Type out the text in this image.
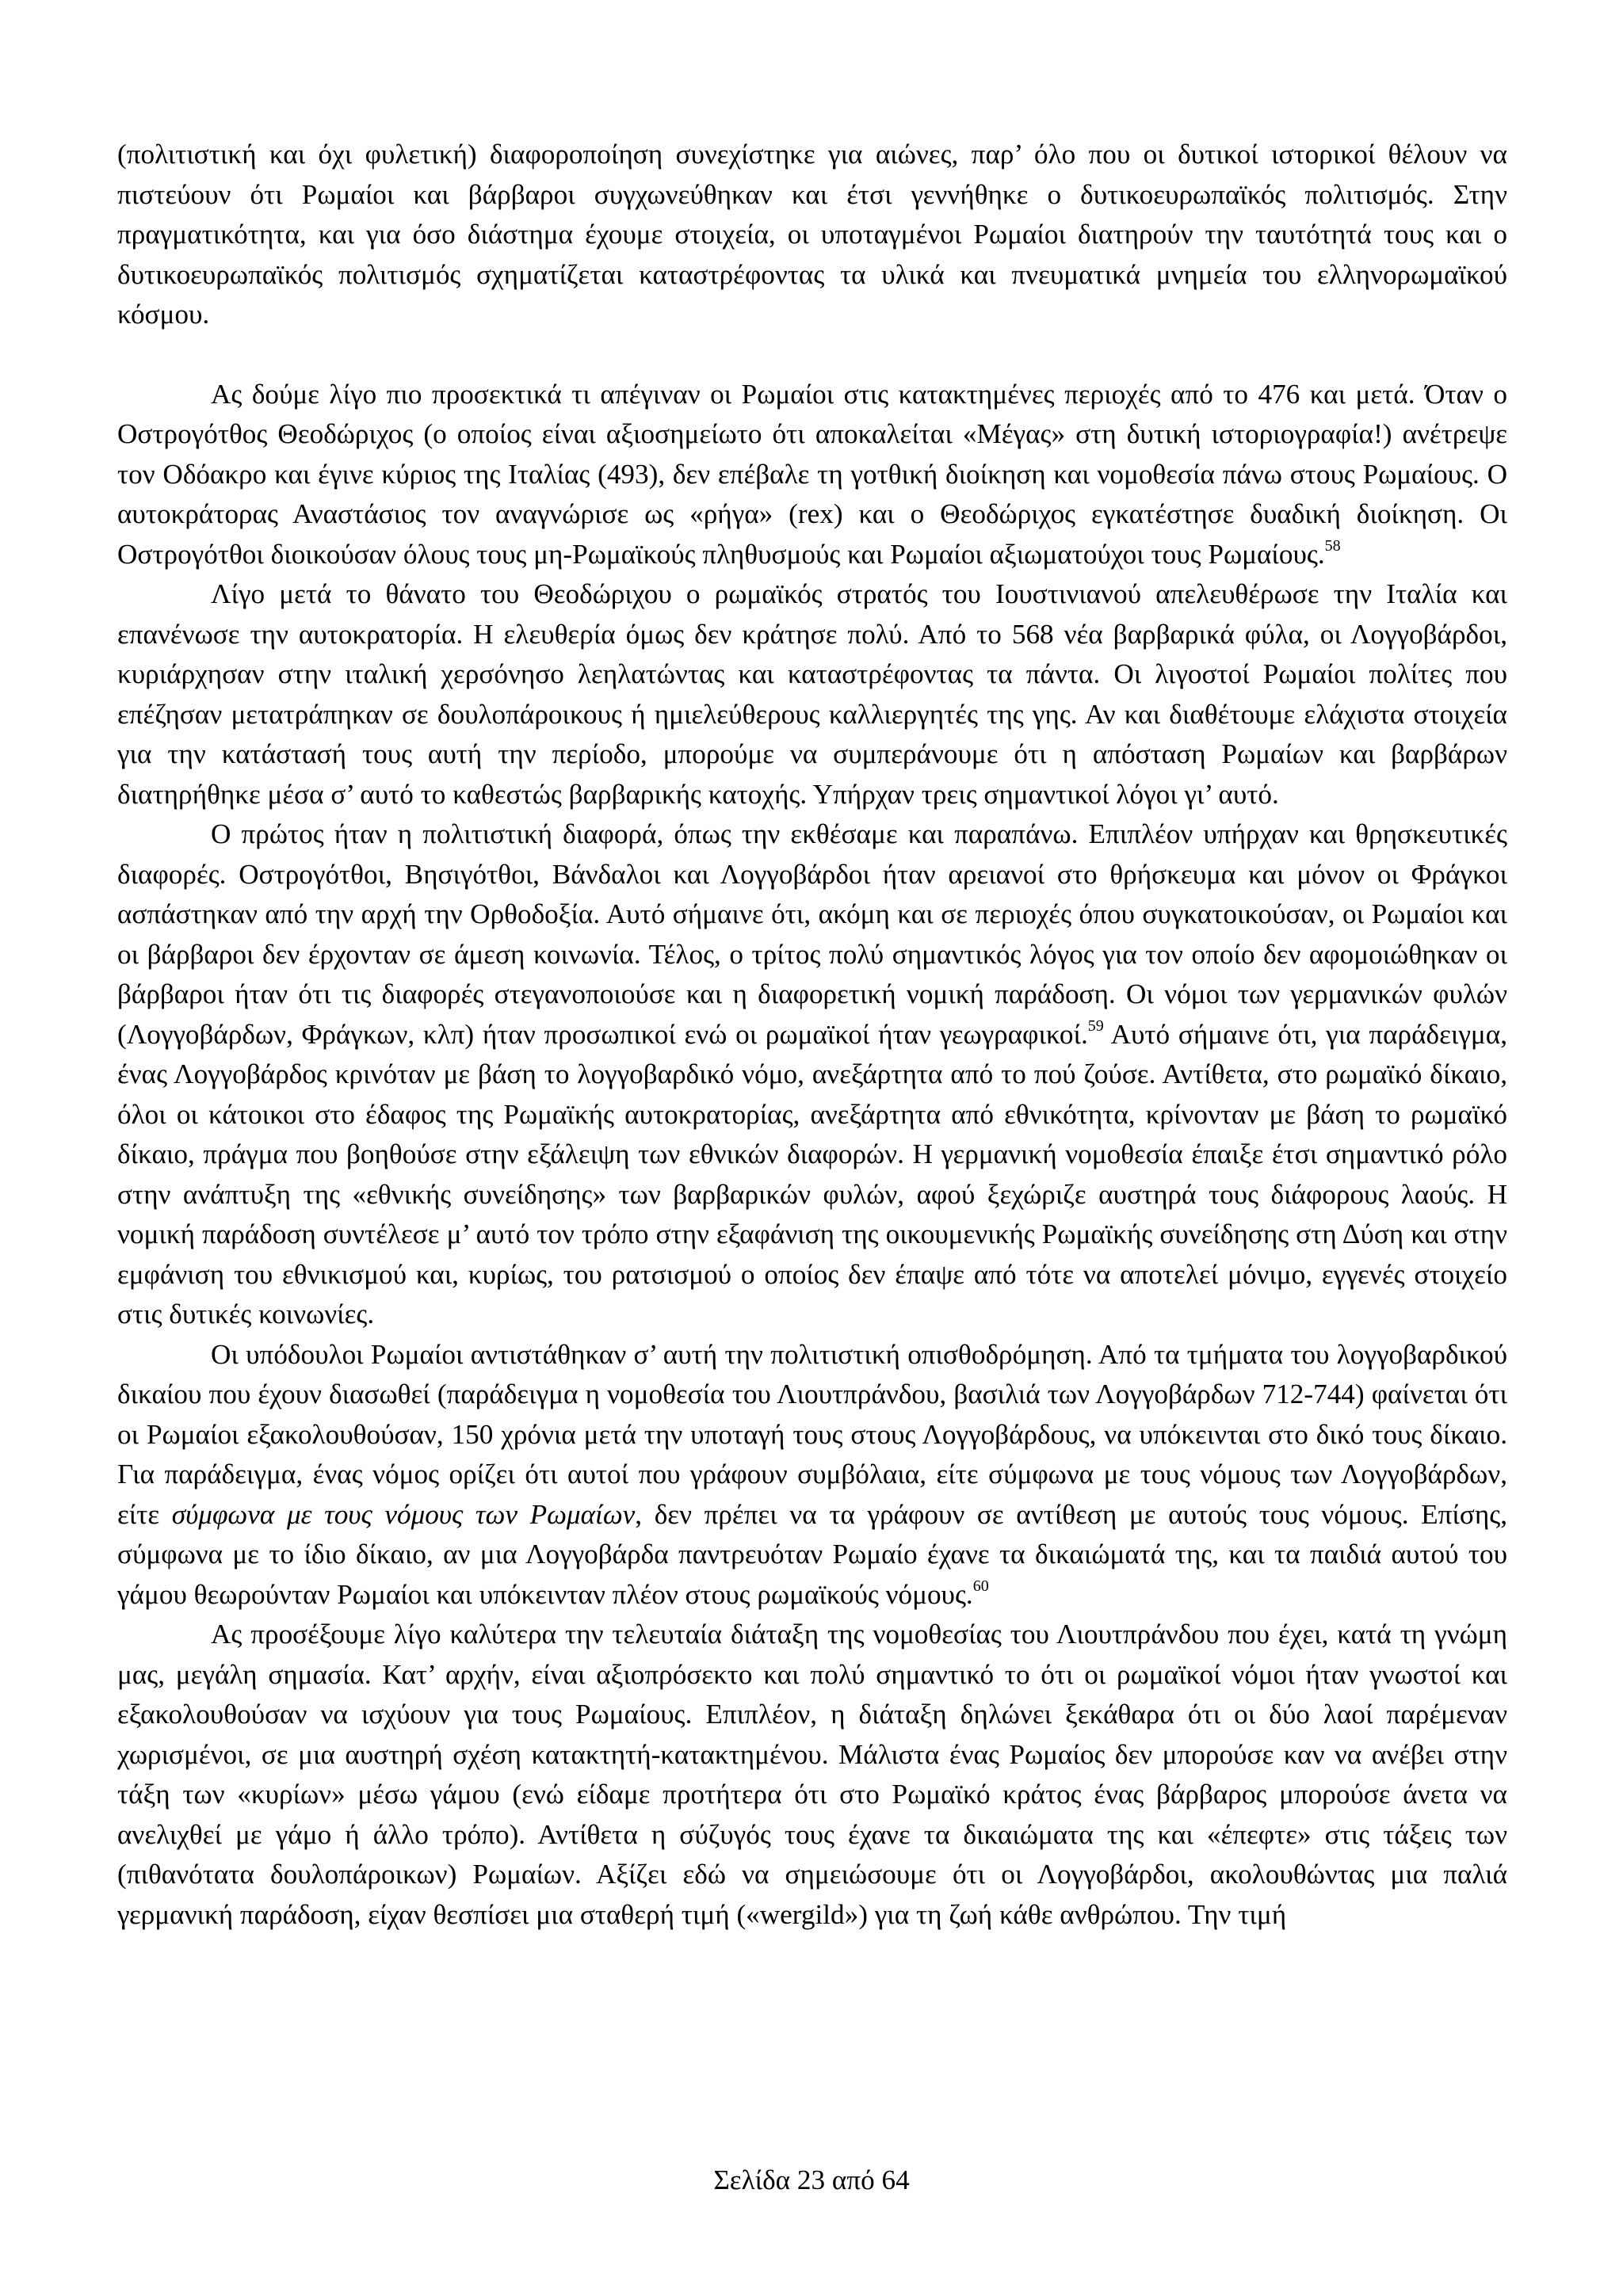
(πολιτιστική και όχι φυλετική) διαφοροποίηση συνεχίστηκε για αιώνες, παρ’ όλο που οι δυτικοί ιστορικοί θέλουν να πιστεύουν ότι Ρωμαίοι και βάρβαροι συγχωνεύθηκαν και έτσι γεννήθηκε ο δυτικοευρωπαϊκός πολιτισμός. Στην πραγματικότητα, και για όσο διάστημα έχουμε στοιχεία, οι υποταγμένοι Ρωμαίοι διατηρούν την ταυτότητά τους και ο δυτικοευρωπαϊκός πολιτισμός σχηματίζεται καταστρέφοντας τα υλικά και πνευματικά μνημεία του ελληνορωμαϊκού κόσμου.

Ας δούμε λίγο πιο προσεκτικά τι απέγιναν οι Ρωμαίοι στις κατακτημένες περιοχές από το 476 και μετά. Όταν ο Οστρογότθος Θεοδώριχος (ο οποίος είναι αξιοσημείωτο ότι αποκαλείται «Μέγας» στη δυτική ιστοριογραφία!) ανέτρεψε τον Οδόακρο και έγινε κύριος της Ιταλίας (493), δεν επέβαλε τη γοτθική διοίκηση και νομοθεσία πάνω στους Ρωμαίους. Ο αυτοκράτορας Αναστάσιος τον αναγνώρισε ως «ρήγα» (rex) και ο Θεοδώριχος εγκατέστησε δυαδική διοίκηση. Οι Οστρογότθοι διοικούσαν όλους τους μη-Ρωμαϊκούς πληθυσμούς και Ρωμαίοι αξιωματούχοι τους Ρωμαίους.$^{58}$

Λίγο μετά το θάνατο του Θεοδώριχου ο ρωμαϊκός στρατός του Ιουστινιανού απελευθέρωσε την Ιταλία και επανένωσε την αυτοκρατορία. Η ελευθερία όμως δεν κράτησε πολύ. Από το 568 νέα βαρβαρικά φύλα, οι Λογγοβάρδοι, κυριάρχησαν στην ιταλική χερσόνησο λεηλατώντας και καταστρέφοντας τα πάντα. Οι λιγοστοί Ρωμαίοι πολίτες που επέζησαν μετατράπηκαν σε δουλοπάροικους ή ημιελεύθερους καλλιεργητές της γης. Αν και διαθέτουμε ελάχιστα στοιχεία για την κατάστασή τους αυτή την περίοδο, μπορούμε να συμπεράνουμε ότι η απόσταση Ρωμαίων και βαρβάρων διατηρήθηκε μέσα σ’ αυτό το καθεστώς βαρβαρικής κατοχής. Υπήρχαν τρεις σημαντικοί λόγοι γι’ αυτό.

Ο πρώτος ήταν η πολιτιστική διαφορά, όπως την εκθέσαμε και παραπάνω. Επιπλέον υπήρχαν και θρησκευτικές διαφορές. Οστρογότθοι, Βησιγότθοι, Βάνδαλοι και Λογγοβάρδοι ήταν αρειανοί στο θρήσκευμα και μόνον οι Φράγκοι ασπάστηκαν από την αρχή την Ορθοδοξία. Αυτό σήμαινε ότι, ακόμη και σε περιοχές όπου συγκατοικούσαν, οι Ρωμαίοι και οι βάρβαροι δεν έρχονταν σε άμεση κοινωνία. Τέλος, ο τρίτος πολύ σημαντικός λόγος για τον οποίο δεν αφομοιώθηκαν οι βάρβαροι ήταν ότι τις διαφορές στεγανοποιούσε και η διαφορετική νομική παράδοση. Οι νόμοι των γερμανικών φυλών (Λογγοβάρδων, Φράγκων, κλπ) ήταν προσωπικοί ενώ οι ρωμαϊκοί ήταν γεωγραφικοί.$^{59}$ Αυτό σήμαινε ότι, για παράδειγμα, ένας Λογγοβάρδος κρινόταν με βάση το λογγοβαρδικό νόμο, ανεξάρτητα από το πού ζούσε. Αντίθετα, στο ρωμαϊκό δίκαιο, όλοι οι κάτοικοι στο έδαφος της Ρωμαϊκής αυτοκρατορίας, ανεξάρτητα από εθνικότητα, κρίνονταν με βάση το ρωμαϊκό δίκαιο, πράγμα που βοηθούσε στην εξάλειψη των εθνικών διαφορών. Η γερμανική νομοθεσία έπαιξε έτσι σημαντικό ρόλο στην ανάπτυξη της «εθνικής συνείδησης» των βαρβαρικών φυλών, αφού ξεχώριζε αυστηρά τους διάφορους λαούς. Η νομική παράδοση συντέλεσε μ’ αυτό τον τρόπο στην εξαφάνιση της οικουμενικής Ρωμαϊκής συνείδησης στη Δύση και στην εμφάνιση του εθνικισμού και, κυρίως, του ρατσισμού ο οποίος δεν έπαψε από τότε να αποτελεί μόνιμο, εγγενές στοιχείο στις δυτικές κοινωνίες.

Οι υπόδουλοι Ρωμαίοι αντιστάθηκαν σ’ αυτή την πολιτιστική οπισθοδρόμηση. Από τα τμήματα του λογγοβαρδικού δικαίου που έχουν διασωθεί (παράδειγμα η νομοθεσία του Λιουτπράνδου, βασιλιά των Λογγοβάρδων 712-744) φαίνεται ότι οι Ρωμαίοι εξακολουθούσαν, 150 χρόνια μετά την υποταγή τους στους Λογγοβάρδους, να υπόκεινται στο δικό τους δίκαιο. Για παράδειγμα, ένας νόμος ορίζει ότι αυτοί που γράφουν συμβόλαια, είτε σύμφωνα με τους νόμους των Λογγοβάρδων, είτε σύμφωνα με τους νόμους των Ρωμαίων, δεν πρέπει να τα γράφουν σε αντίθεση με αυτούς τους νόμους. Επίσης, σύμφωνα με το ίδιο δίκαιο, αν μια Λογγοβάρδα παντρευόταν Ρωμαίο έχανε τα δικαιώματά της, και τα παιδιά αυτού του γάμου θεωρούνταν Ρωμαίοι και υπόκεινταν πλέον στους ρωμαϊκούς νόμους.$^{60}$

Ας προσέξουμε λίγο καλύτερα την τελευταία διάταξη της νομοθεσίας του Λιουτπράνδου που έχει, κατά τη γνώμη μας, μεγάλη σημασία. Κατ’ αρχήν, είναι αξιοπρόσεκτο και πολύ σημαντικό το ότι οι ρωμαϊκοί νόμοι ήταν γνωστοί και εξακολουθούσαν να ισχύουν για τους Ρωμαίους. Επιπλέον, η διάταξη δηλώνει ξεκάθαρα ότι οι δύο λαοί παρέμεναν χωρισμένοι, σε μια αυστηρή σχέση κατακτητή-κατακτημένου. Μάλιστα ένας Ρωμαίος δεν μπορούσε καν να ανέβει στην τάξη των «κυρίων» μέσω γάμου (ενώ είδαμε προτήτερα ότι στο Ρωμαϊκό κράτος ένας βάρβαρος μπορούσε άνετα να ανελιχθεί με γάμο ή άλλο τρόπο). Αντίθετα η σύζυγός τους έχανε τα δικαιώματα της και «έπεφτε» στις τάξεις των (πιθανότατα δουλοπάροικων) Ρωμαίων. Αξίζει εδώ να σημειώσουμε ότι οι Λογγοβάρδοι, ακολουθώντας μια παλιά γερμανική παράδοση, είχαν θεσπίσει μια σταθερή τιμή («wergild») για τη ζωή κάθε ανθρώπου. Την τιμή

Σελίδα 23 από 64
